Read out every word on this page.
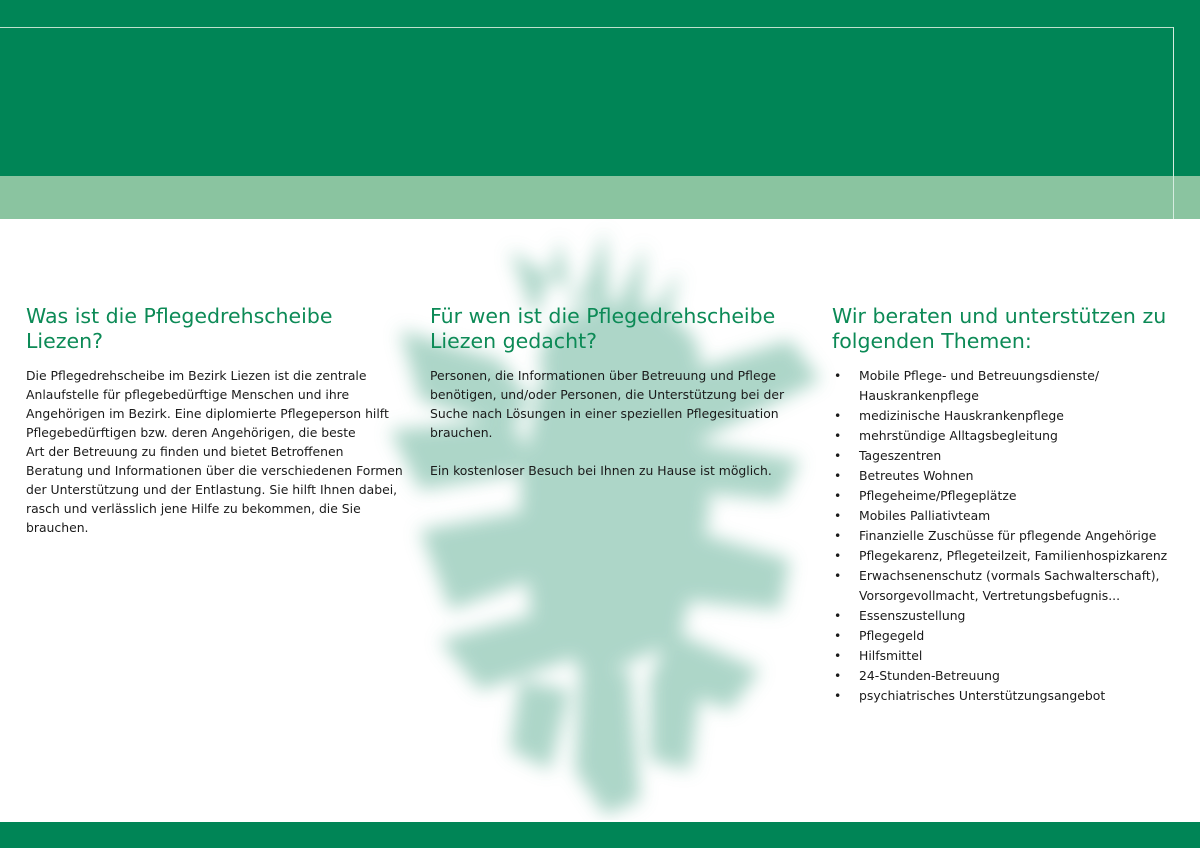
Was ist die Pflegedrehscheibe
Liezen?

Die Pflegedrehscheibe im Bezirk Liezen ist die zentrale
Anlaufstelle für pflegebedürftige Menschen und ihre
Angehörigen im Bezirk. Eine diplomierte Pflegeperson hilft
Pflegebedürftigen bzw. deren Angehörigen, die beste
Art der Betreuung zu finden und bietet Betroffenen
Beratung und Informationen über die verschiedenen Formen
der Unterstützung und der Entlastung. Sie hilft Ihnen dabei,
rasch und verlässlich jene Hilfe zu bekommen, die Sie
brauchen.

Für wen ist die Pflegedrehscheibe
Liezen gedacht?

Personen, die Informationen über Betreuung und Pflege
benötigen, und/oder Personen, die Unterstützung bei der
Suche nach Lösungen in einer speziellen Pflegesituation
brauchen.

Ein kostenloser Besuch bei Ihnen zu Hause ist möglich.

Wir beraten und unterstützen zu
folgenden Themen:
• Mobile Pflege- und Betreuungsdienste/
Hauskrankenpflege
• medizinische Hauskrankenpflege
• mehrstündige Alltagsbegleitung
• Tageszentren
• Betreutes Wohnen
• Pflegeheime/Pflegeplätze
• Mobiles Palliativteam
• Finanzielle Zuschüsse für pflegende Angehörige
• Pflegekarenz, Pflegeteilzeit, Familienhospizkarenz
• Erwachsenenschutz (vormals Sachwalterschaft),
Vorsorgevollmacht, Vertretungsbefugnis...
• Essenszustellung
• Pflegegeld
• Hilfsmittel
• 24-Stunden-Betreuung
• psychiatrisches Unterstützungsangebot
